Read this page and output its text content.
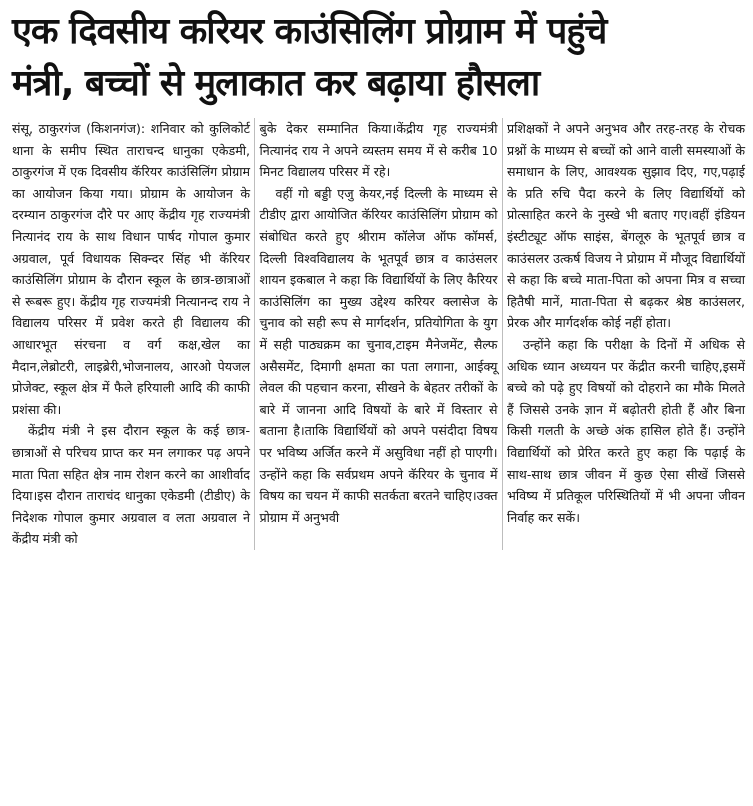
एक दिवसीय करियर काउंसिलिंग प्रोग्राम में पहुंचे
मंत्री, बच्चों से मुलाकात कर बढ़ाया हौसला

संसू, ठाकुरगंज (किशनगंज): शनिवार को कुलिकोर्ट थाना के समीप स्थित ताराचन्द धानुका एकेडमी, ठाकुरगंज में एक दिवसीय कॅरियर काउंसिलिंग प्रोग्राम का आयोजन किया गया। प्रोग्राम के आयोजन के दरम्यान ठाकुरगंज दौरे पर आए केंद्रीय गृह राज्यमंत्री नित्यानंद राय के साथ विधान पार्षद गोपाल कुमार अग्रवाल, पूर्व विधायक सिक्न्दर सिंह भी कॅरियर काउंसिलिंग प्रोग्राम के दौरान स्कूल के छात्र-छात्राओं से रूबरू हुए। केंद्रीय गृह राज्यमंत्री नित्यानन्द राय ने विद्यालय परिसर में प्रवेश करते ही विद्यालय की आधारभूत संरचना व वर्ग कक्ष,खेल का मैदान,लेब्रोटरी, लाइब्रेरी,भोजनालय, आरओ पेयजल प्रोजेक्ट, स्कूल क्षेत्र में फैले हरियाली आदि की काफी प्रशंसा की।

केंद्रीय मंत्री ने इस दौरान स्कूल के कई छात्र-छात्राओं से परिचय प्राप्त कर मन लगाकर पढ़ अपने माता पिता सहित क्षेत्र नाम रोशन करने का आशीर्वाद दिया।इस दौरान ताराचंद धानुका एकेडमी (टीडीए) के निदेशक गोपाल कुमार अग्रवाल व लता अग्रवाल ने केंद्रीय मंत्री को

बुके देकर सम्मानित किया।केंद्रीय गृह राज्यमंत्री नित्यानंद राय ने अपने व्यस्तम समय में से करीब 10 मिनट विद्यालय परिसर में रहे।

वहीं गो बड्डी एजु केयर,नई दिल्ली के माध्यम से टीडीए द्वारा आयोजित कॅरियर काउंसिलिंग प्रोग्राम को संबोधित करते हुए श्रीराम कॉलेज ऑफ कॉमर्स, दिल्ली विश्वविद्यालय के भूतपूर्व छात्र व काउंसलर शायन इकबाल ने कहा कि विद्यार्थियों के लिए कैरियर काउंसिलिंग का मुख्य उद्देश्य करियर क्लासेज के चुनाव को सही रूप से मार्गदर्शन, प्रतियोगिता के युग में सही पाठ्यक्रम का चुनाव,टाइम मैनेजमेंट, सैल्फ असैसमेंट, दिमागी क्षमता का पता लगाना, आईक्यू लेवल की पहचान करना, सीखने के बेहतर तरीकों के बारे में जानना आदि विषयों के बारे में विस्तार से बताना है।ताकि विद्यार्थियों को अपने पसंदीदा विषय पर भविष्य अर्जित करने में असुविधा नहीं हो पाएगी। उन्होंने कहा कि सर्वप्रथम अपने कॅरियर के चुनाव में विषय का चयन में काफी सतर्कता बरतने चाहिए।उक्त प्रोग्राम में अनुभवी

प्रशिक्षकों ने अपने अनुभव और तरह-तरह के रोचक प्रश्नों के माध्यम से बच्चों को आने वाली समस्याओं के समाधान के लिए, आवश्यक सुझाव दिए, गए,पढ़ाई के प्रति रुचि पैदा करने के लिए विद्यार्थियों को प्रोत्साहित करने के नुस्खे भी बताए गए।वहीं इंडियन इंस्टीट्यूट ऑफ साइंस, बेंगलूरु के भूतपूर्व छात्र व काउंसलर उत्कर्ष विजय ने प्रोग्राम में मौजूद विद्यार्थियों से कहा कि बच्चे माता-पिता को अपना मित्र व सच्चा हितैषी मानें, माता-पिता से बढ़कर श्रेष्ठ काउंसलर, प्रेरक और मार्गदर्शक कोई नहीं होता।

उन्होंने कहा कि परीक्षा के दिनों में अधिक से अधिक ध्यान अध्ययन पर केंद्रीत करनी चाहिए,इसमें बच्चे को पढ़े हुए विषयों को दोहराने का मौके मिलते हैं जिससे उनके ज्ञान में बढ़ोतरी होती हैं और बिना किसी गलती के अच्छे अंक हासिल होते हैं। उन्होंने विद्यार्थियों को प्रेरित करते हुए कहा कि पढ़ाई के साथ-साथ छात्र जीवन में कुछ ऐसा सीखें जिससे भविष्य में प्रतिकूल परिस्थितियों में भी अपना जीवन निर्वाह कर सकें।
